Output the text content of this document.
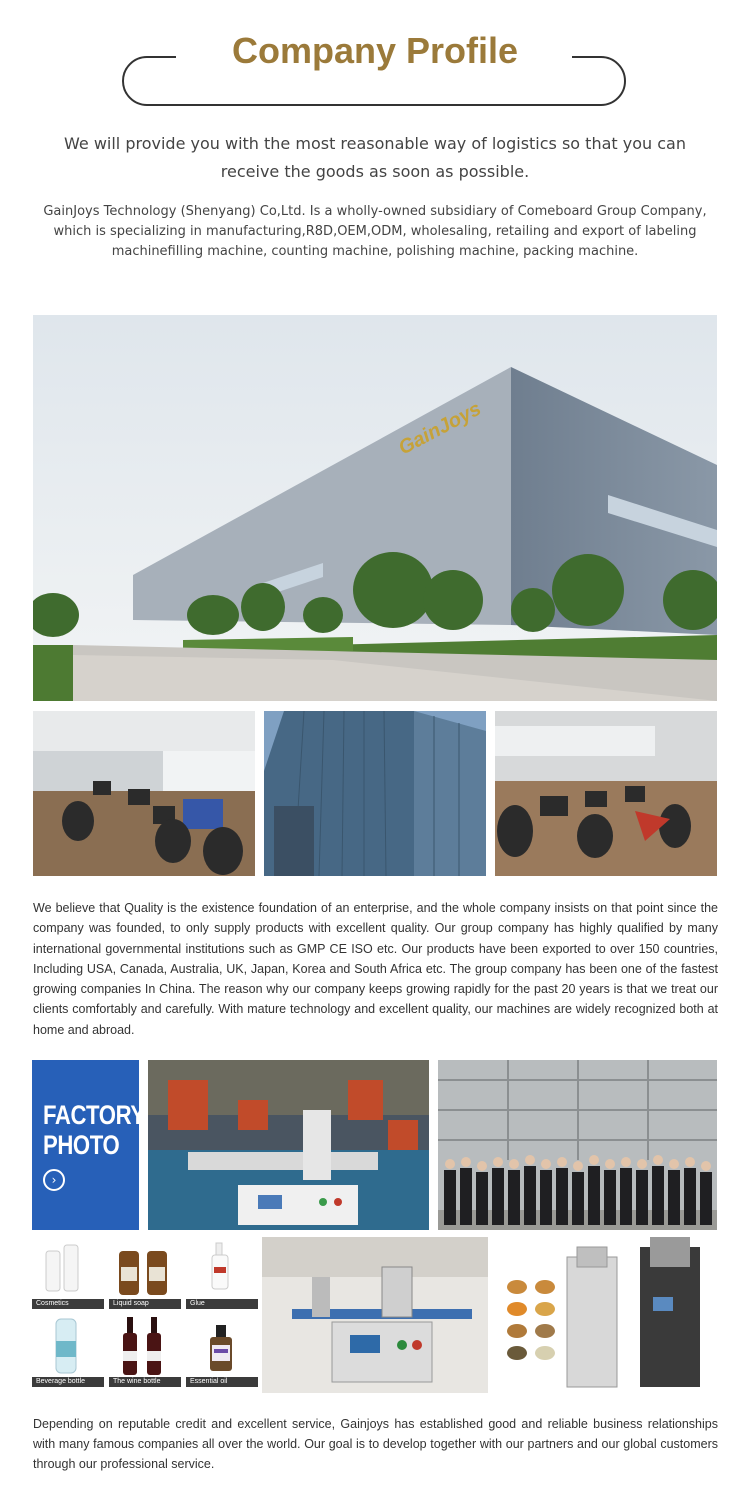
Company Profile
We will provide you with the most reasonable way of logistics so that you can receive the goods as soon as possible.
GainJoys Technology (Shenyang) Co,Ltd. Is a wholly-owned subsidiary of Comeboard Group Company, which is specializing in manufacturing,R8D,OEM,ODM, wholesaling, retailing and export of labeling machinefilling machine, counting machine, polishing machine, packing machine.
GainJoys
We believe that Quality is the existence foundation of an enterprise, and the whole company insists on that point since the company was founded, to only supply products with excellent quality. Our group company has highly qualified by many international governmental institutions such as GMP CE ISO etc. Our products have been exported to over 150 countries, Including USA, Canada, Australia, UK, Japan, Korea and South Africa etc. The group company has been one of the fastest growing companies In China. The reason why our company keeps growing rapidly for the past 20 years is that we treat our clients comfortably and carefully. With mature technology and excellent quality, our machines are widely recognized both at home and abroad.
FACTORY
PHOTO
›
Cosmetics	Liquid soap	Glue
Beverage bottle	The wine bottle	Essential oil
Depending on reputable credit and excellent service, Gainjoys has established good and reliable business relationships with many famous companies all over the world. Our goal is to develop together with our partners and our global customers through our professional service.
